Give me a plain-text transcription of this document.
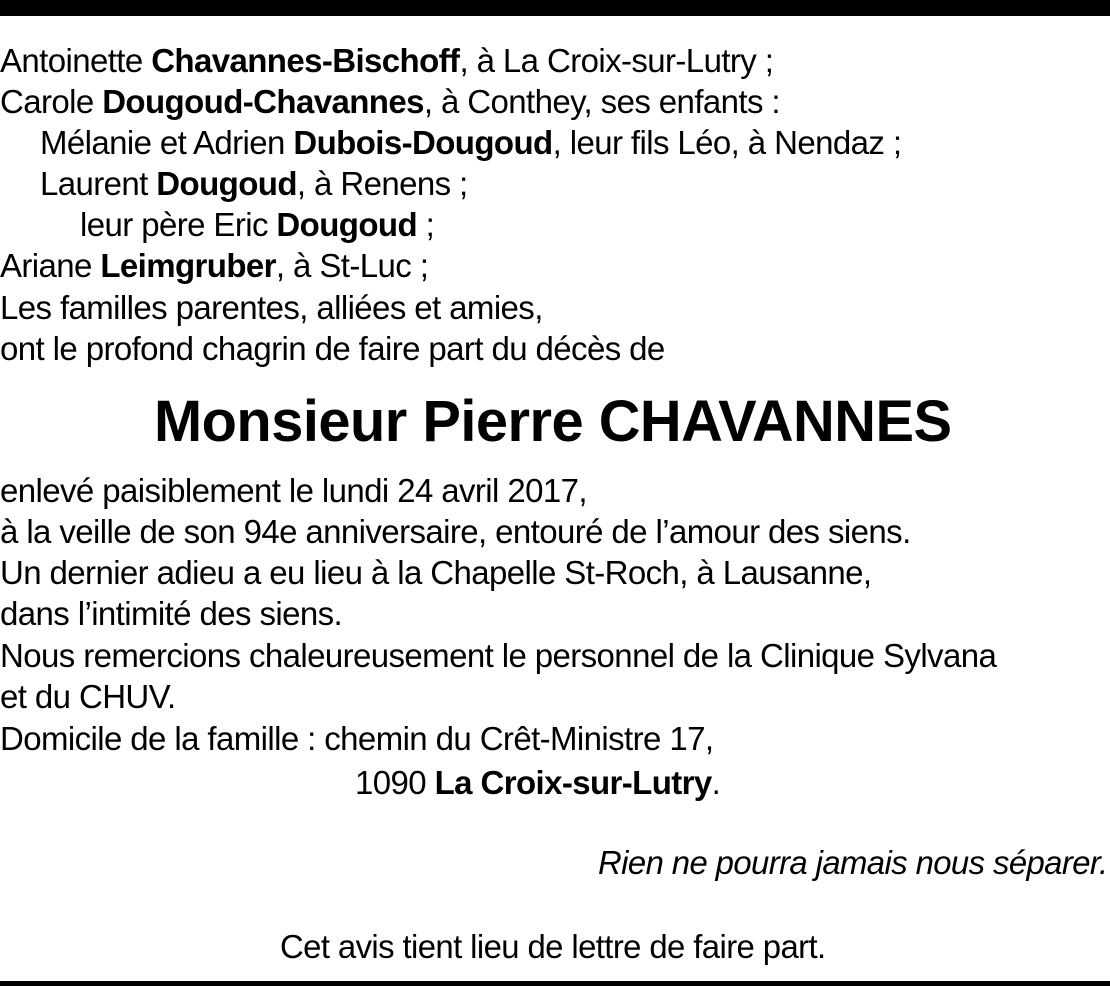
Antoinette Chavannes-Bischoff, à La Croix-sur-Lutry ;
Carole Dougoud-Chavannes, à Conthey, ses enfants :
Mélanie et Adrien Dubois-Dougoud, leur fils Léo, à Nendaz ;
Laurent Dougoud, à Renens ;
leur père Eric Dougoud ;
Ariane Leimgruber, à St-Luc ;
Les familles parentes, alliées et amies,
ont le profond chagrin de faire part du décès de
Monsieur Pierre CHAVANNES
enlevé paisiblement le lundi 24 avril 2017,
à la veille de son 94e anniversaire, entouré de l’amour des siens.
Un dernier adieu a eu lieu à la Chapelle St-Roch, à Lausanne,
dans l’intimité des siens.
Nous remercions chaleureusement le personnel de la Clinique Sylvana
et du CHUV.
Domicile de la famille : chemin du Crêt-Ministre 17,
1090 La Croix-sur-Lutry.
Rien ne pourra jamais nous séparer.
Cet avis tient lieu de lettre de faire part.
